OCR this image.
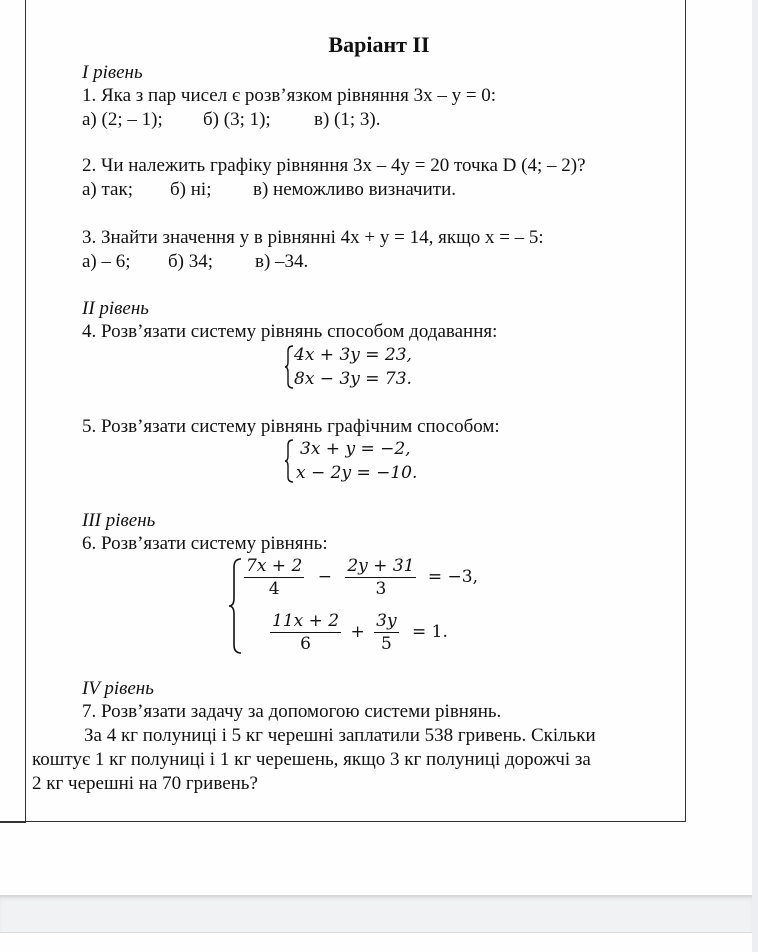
Варіант II
I рівень
1. Яка з пар чисел є розв’язком рівняння 3х – у = 0:
а) (2; – 1); б) (3; 1); в) (1; 3).
2. Чи належить графіку рівняння 3х – 4у = 20 точка D (4; – 2)?
а) так; б) ні; в) неможливо визначити.
3. Знайти значення у в рівнянні 4х + у = 14, якщо х = – 5:
а) – 6; б) 34; в) –34.
II рівень
4. Розв’язати систему рівнянь способом додавання:
4x + 3y = 23,
8x − 3y = 73.
5. Розв’язати систему рівнянь графічним способом:
3x + y = −2,
x − 2y = −10.
III рівень
6. Розв’язати систему рівнянь:
$\frac{7x + 2}{4} - \frac{2y + 31}{3} = -3$,
$\frac{11x + 2}{6} + \frac{3y}{5} = 1$.
IV рівень
7. Розв’язати задачу за допомогою системи рівнянь.
За 4 кг полуниці і 5 кг черешні заплатили 538 гривень. Скільки
коштує 1 кг полуниці і 1 кг черешень, якщо 3 кг полуниці дорожчі за
2 кг черешні на 70 гривень?
